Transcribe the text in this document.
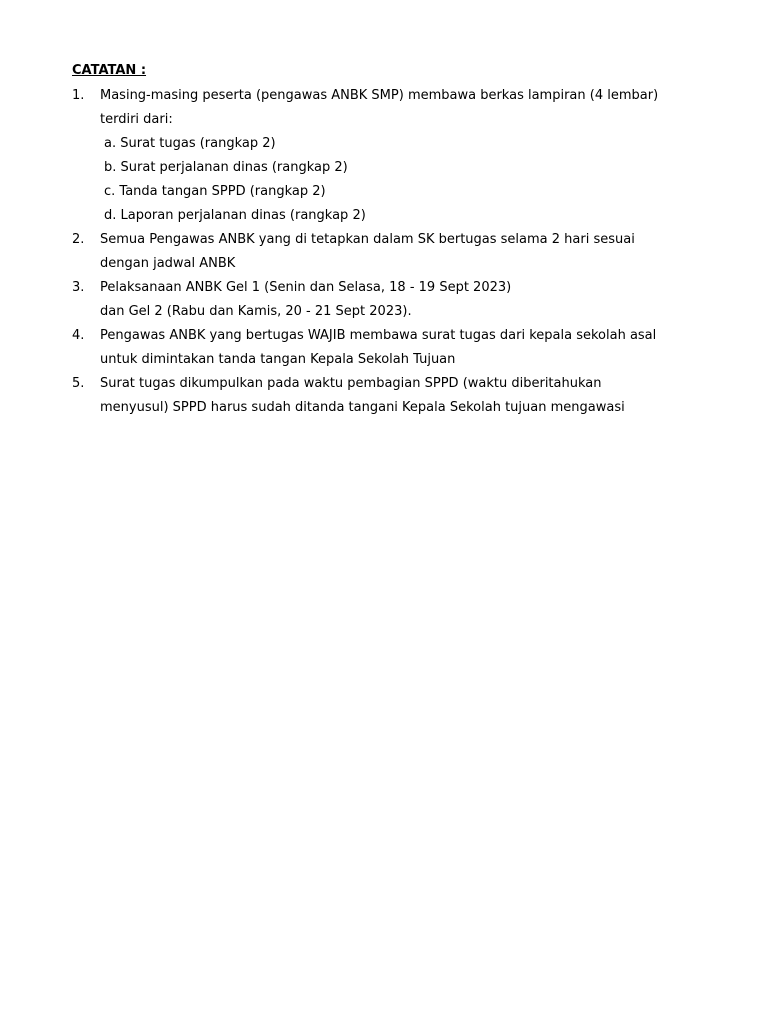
CATATAN :
1. Masing-masing peserta (pengawas ANBK SMP) membawa berkas lampiran (4 lembar)
terdiri dari:
a. Surat tugas (rangkap 2)
b. Surat perjalanan dinas (rangkap 2)
c. Tanda tangan SPPD (rangkap 2)
d. Laporan perjalanan dinas (rangkap 2)
2. Semua Pengawas ANBK yang di tetapkan dalam SK bertugas selama 2 hari sesuai
dengan jadwal ANBK
3. Pelaksanaan ANBK Gel 1 (Senin dan Selasa, 18 - 19 Sept 2023)
dan Gel 2 (Rabu dan Kamis, 20 - 21 Sept 2023).
4. Pengawas ANBK yang bertugas WAJIB membawa surat tugas dari kepala sekolah asal
untuk dimintakan tanda tangan Kepala Sekolah Tujuan
5. Surat tugas dikumpulkan pada waktu pembagian SPPD (waktu diberitahukan
menyusul) SPPD harus sudah ditanda tangani Kepala Sekolah tujuan mengawasi
